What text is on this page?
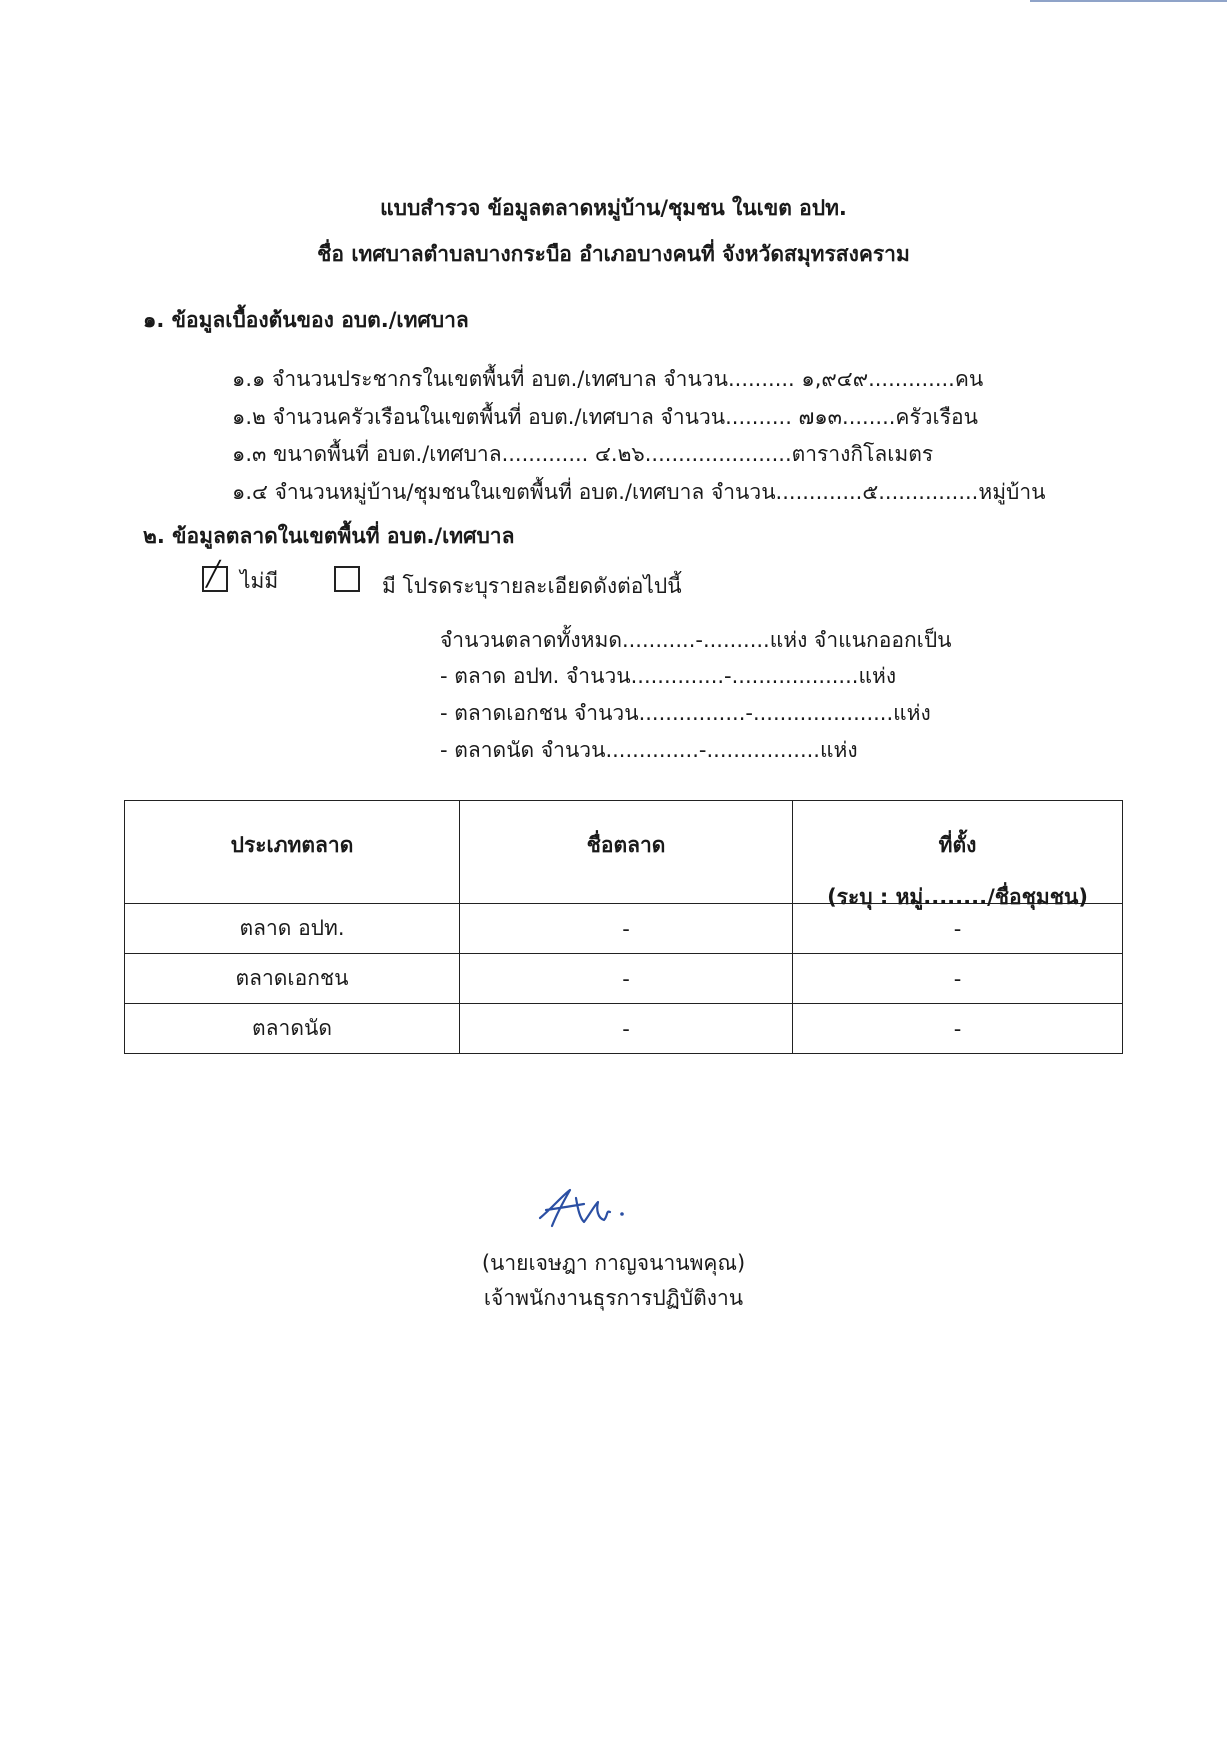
แบบสำรวจ ข้อมูลตลาดหมู่บ้าน/ชุมชน ในเขต อปท.
ชื่อ เทศบาลตำบลบางกระบือ อำเภอบางคนที่ จังหวัดสมุทรสงคราม
๑. ข้อมูลเบื้องต้นของ อบต./เทศบาล
๑.๑ จำนวนประชากรในเขตพื้นที่ อบต./เทศบาล จำนวน.......... ๑,๙๔๙.............คน
๑.๒ จำนวนครัวเรือนในเขตพื้นที่ อบต./เทศบาล จำนวน.......... ๗๑๓........ครัวเรือน
๑.๓ ขนาดพื้นที่ อบต./เทศบาล............. ๔.๒๖......................ตารางกิโลเมตร
๑.๔ จำนวนหมู่บ้าน/ชุมชนในเขตพื้นที่ อบต./เทศบาล จำนวน.............๕...............หมู่บ้าน
๒. ข้อมูลตลาดในเขตพื้นที่ อบต./เทศบาล
╱ ไม่มี	มี โปรดระบุรายละเอียดดังต่อไปนี้
จำนวนตลาดทั้งหมด...........-..........แห่ง จำแนกออกเป็น
- ตลาด อปท. จำนวน..............-...................แห่ง
- ตลาดเอกชน จำนวน................-.....................แห่ง
- ตลาดนัด จำนวน..............-.................แห่ง
ประเภทตลาด	ชื่อตลาด	ที่ตั้ง
(ระบุ : หมู่......../ชื่อชุมชน)

ตลาด อปท.	-	-
ตลาดเอกชน	-	-
ตลาดนัด	-	-
(นายเจษฎา กาญจนานพคุณ)
เจ้าพนักงานธุรการปฏิบัติงาน
